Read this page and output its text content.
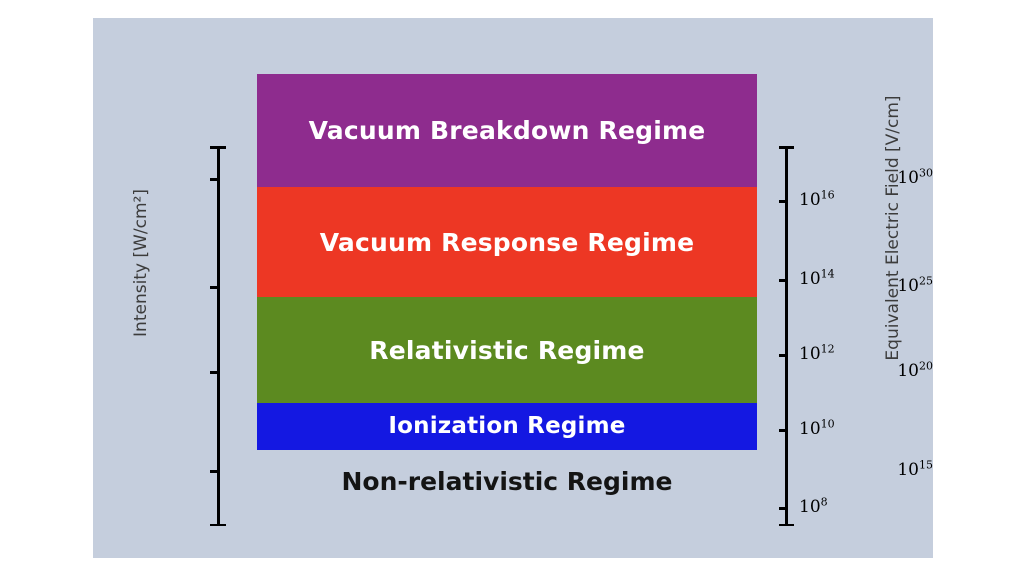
Vacuum Breakdown Regime
Vacuum Response Regime
Relativistic Regime
Ionization Regime
Non-relativistic Regime
$10^{30}$
$10^{25}$
$10^{20}$
$10^{15}$
Intensity [W/cm²]	$10^{16}$
$10^{14}$
$10^{12}$
$10^{10}$
$10^8$
Equivalent Electric Field [V/cm]
